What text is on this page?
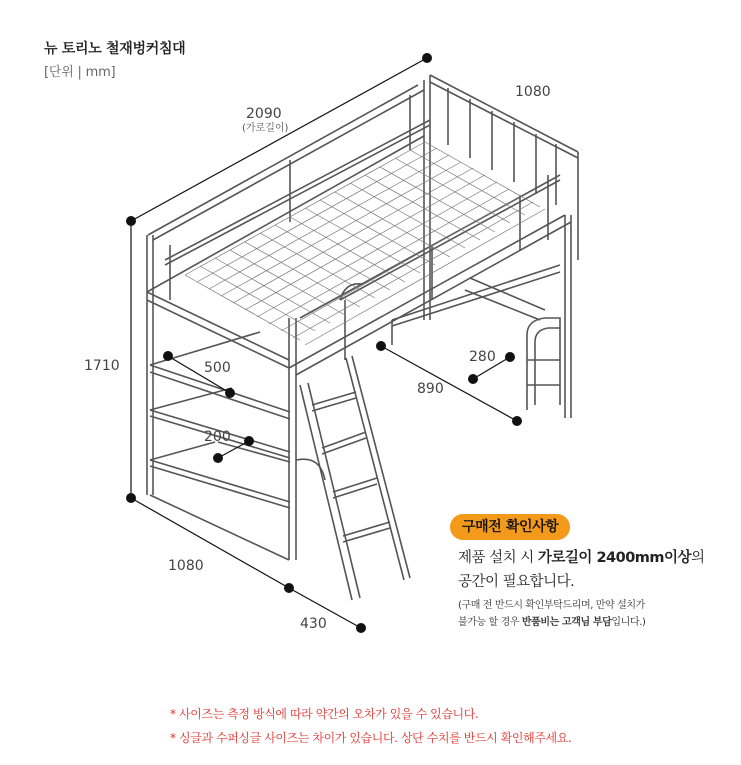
뉴 토리노 철재벙커침대
[단위 | mm]
2090
(가로길이)
1080
1710
1080
430
500
200
890
280
구매전 확인사항
제품 설치 시 가로길이 2400mm이상의
공간이 필요합니다.
(구매 전 반드시 확인부탁드리며, 만약 설치가
불가능 할 경우 반품비는 고객님 부담입니다.)
* 사이즈는 측정 방식에 따라 약간의 오차가 있을 수 있습니다.
* 싱글과 수퍼싱글 사이즈는 차이가 있습니다. 상단 수치를 반드시 확인해주세요.
